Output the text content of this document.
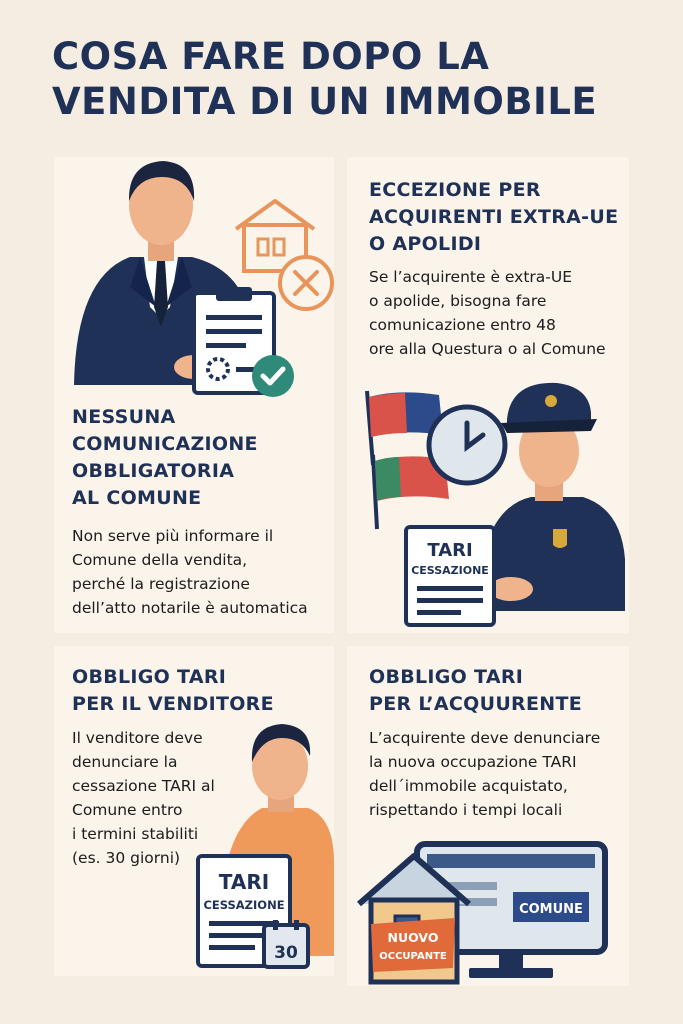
COSA FARE DOPO LA
VENDITA DI UN IMMOBILE
NESSUNA
COMUNICAZIONE
OBBLIGATORIA
AL COMUNE

Non serve più informare il
Comune della vendita,
perché la registrazione
dell’atto notarile è automatica

ECCEZIONE PER
ACQUIRENTI EXTRA-UE
O APOLIDI

Se l’acquirente è extra-UE
o apolide, bisogna fare
comunicazione entro 48
ore alla Questura o al Comune

TARI
CESSAZIONE
OBBLIGO TARI
PER IL VENDITORE
TARI
CESSAZIONE
30

Il venditore deve
denunciare la
cessazione TARI al
Comune entro
i termini stabiliti
(es. 30 giorni)

OBBLIGO TARI
PER L’ACQUURENTE

L’acquirente deve denunciare
la nuova occupazione TARI
dell´immobile acquistato,
rispettando i tempi locali

COMUNE
NUOVO
OCCUPANTE
